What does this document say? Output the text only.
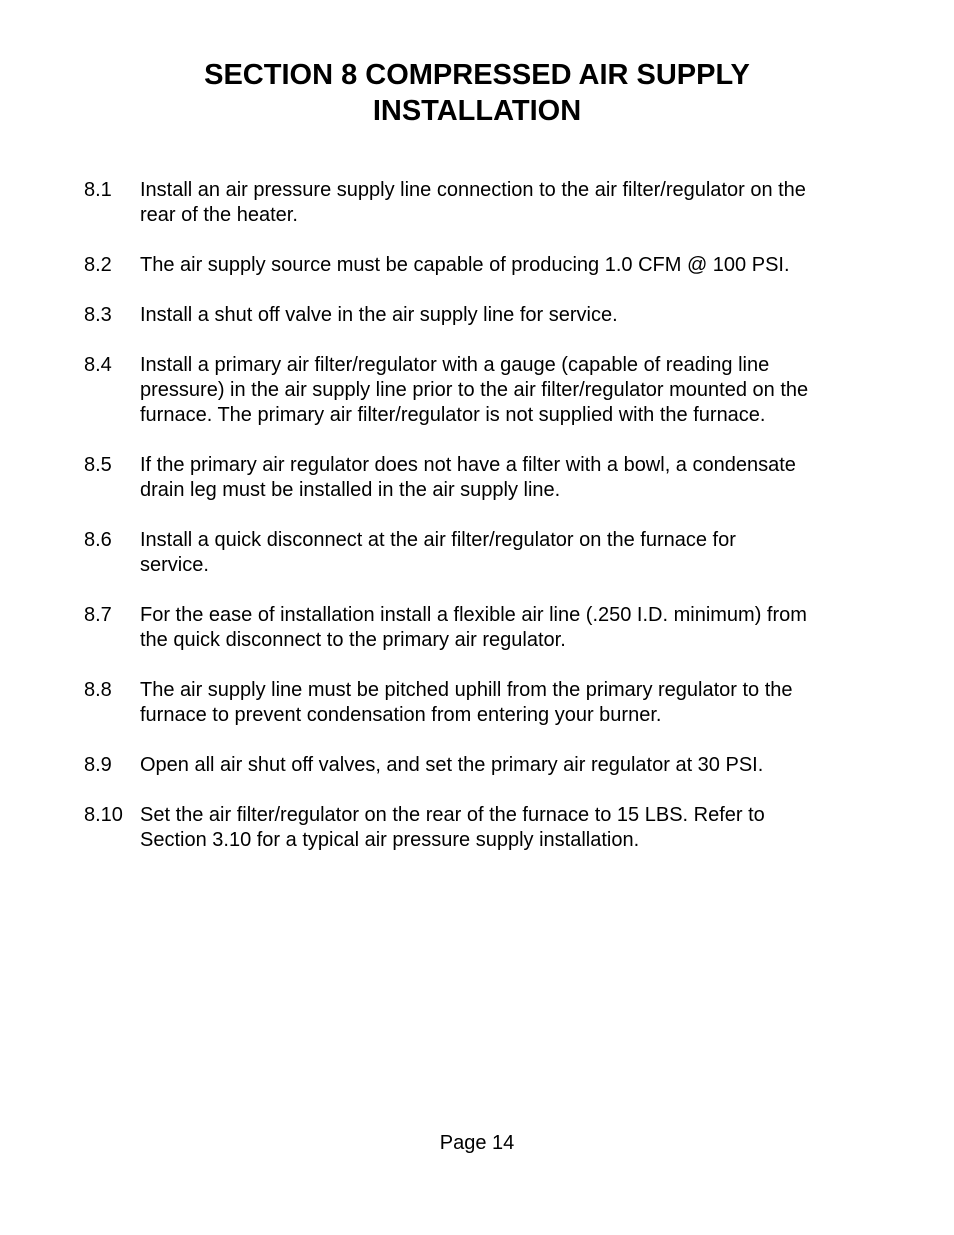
SECTION 8 COMPRESSED AIR SUPPLY
INSTALLATION
8.1	Install an air pressure supply line connection to the air filter/regulator on the
rear of the heater.
8.2	The air supply source must be capable of producing 1.0 CFM @ 100 PSI.
8.3	Install a shut off valve in the air supply line for service.
8.4	Install a primary air filter/regulator with a gauge (capable of reading line
pressure) in the air supply line prior to the air filter/regulator mounted on the
furnace. The primary air filter/regulator is not supplied with the furnace.
8.5	If the primary air regulator does not have a filter with a bowl, a condensate
drain leg must be installed in the air supply line.
8.6	Install a quick disconnect at the air filter/regulator on the furnace for
service.
8.7	For the ease of installation install a flexible air line (.250 I.D. minimum) from
the quick disconnect to the primary air regulator.
8.8	The air supply line must be pitched uphill from the primary regulator to the
furnace to prevent condensation from entering your burner.
8.9	Open all air shut off valves, and set the primary air regulator at 30 PSI.
8.10 Set the air filter/regulator on the rear of the furnace to 15 LBS. Refer to
Section 3.10 for a typical air pressure supply installation.
Page 14
